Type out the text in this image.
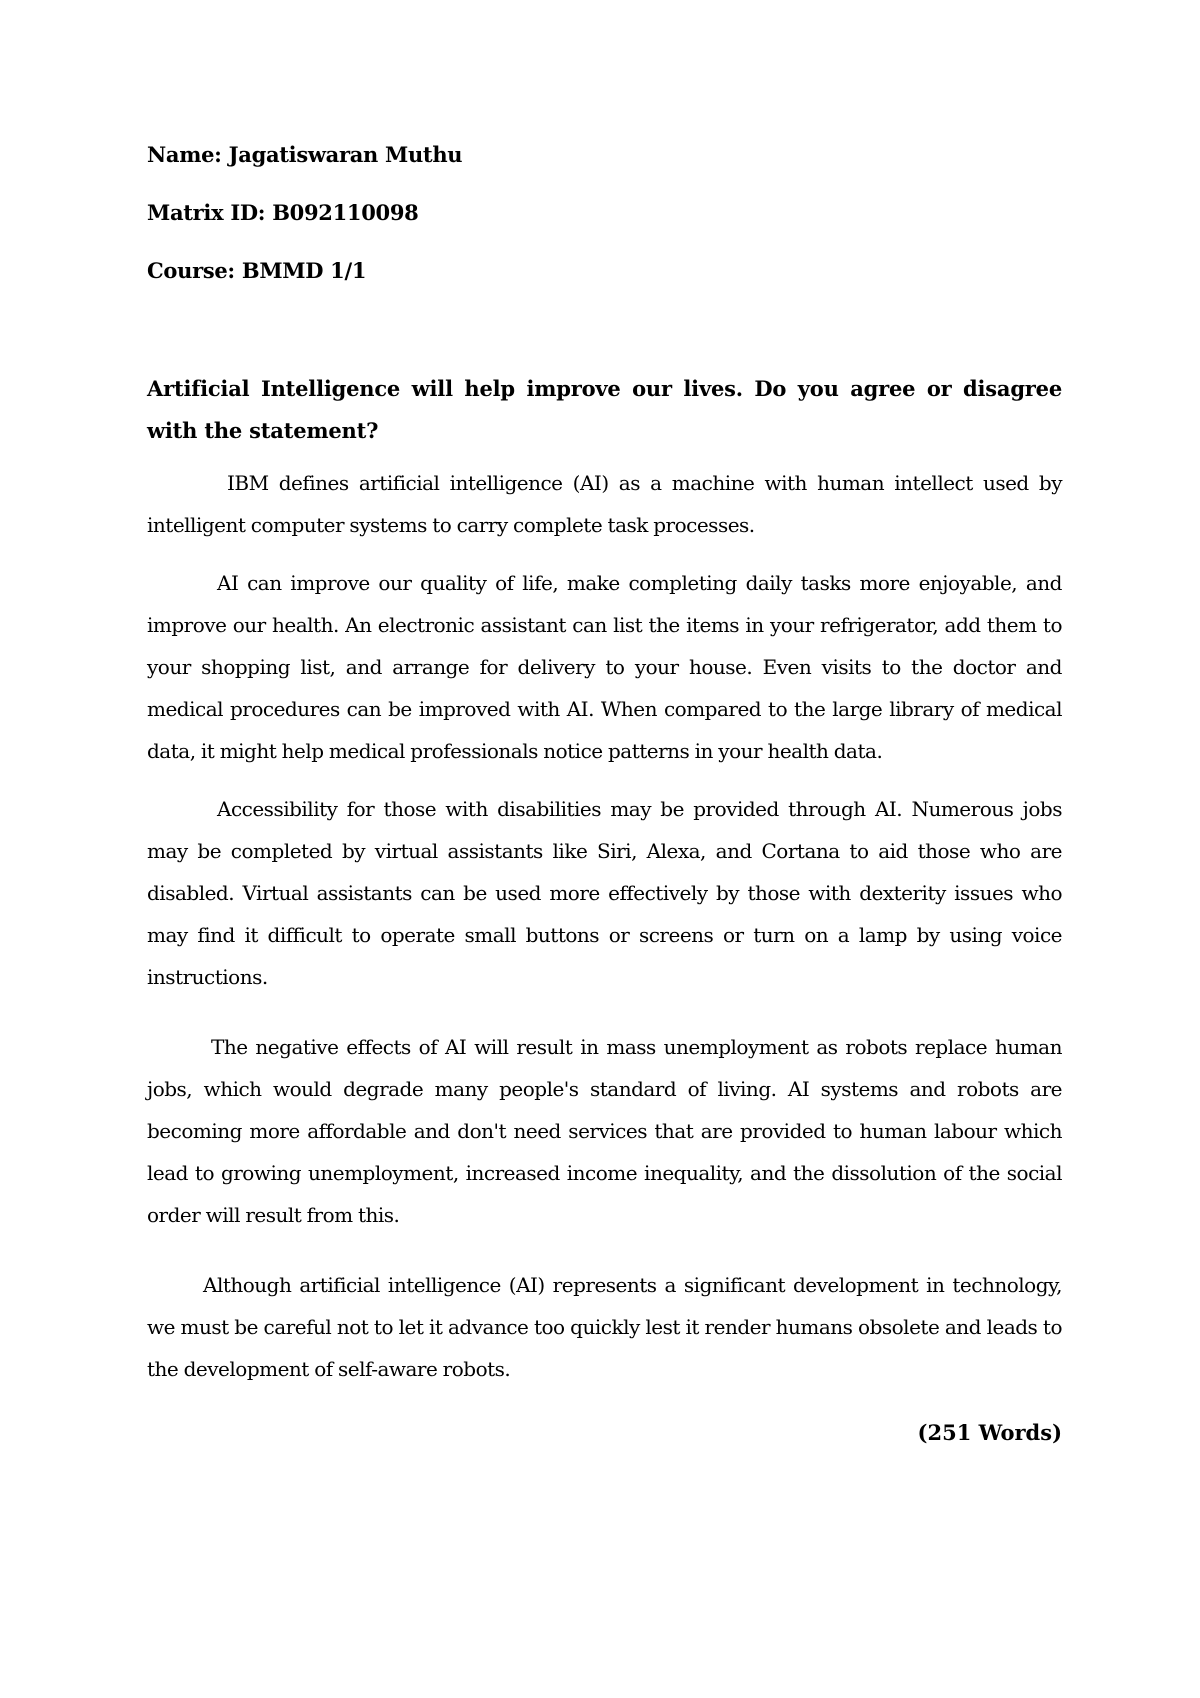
Name: Jagatiswaran Muthu
Matrix ID: B092110098
Course: BMMD 1/1
Artificial Intelligence will help improve our lives. Do you agree or disagree with the statement?

IBM defines artificial intelligence (AI) as a machine with human intellect used by intelligent computer systems to carry complete task processes.

AI can improve our quality of life, make completing daily tasks more enjoyable, and improve our health. An electronic assistant can list the items in your refrigerator, add them to your shopping list, and arrange for delivery to your house. Even visits to the doctor and medical procedures can be improved with AI. When compared to the large library of medical data, it might help medical professionals notice patterns in your health data.

Accessibility for those with disabilities may be provided through AI. Numerous jobs may be completed by virtual assistants like Siri, Alexa, and Cortana to aid those who are disabled. Virtual assistants can be used more effectively by those with dexterity issues who may find it difficult to operate small buttons or screens or turn on a lamp by using voice instructions.

The negative effects of AI will result in mass unemployment as robots replace human jobs, which would degrade many people's standard of living. AI systems and robots are becoming more affordable and don't need services that are provided to human labour which lead to growing unemployment, increased income inequality, and the dissolution of the social order will result from this.

Although artificial intelligence (AI) represents a significant development in technology, we must be careful not to let it advance too quickly lest it render humans obsolete and leads to the development of self-aware robots.

(251 Words)
